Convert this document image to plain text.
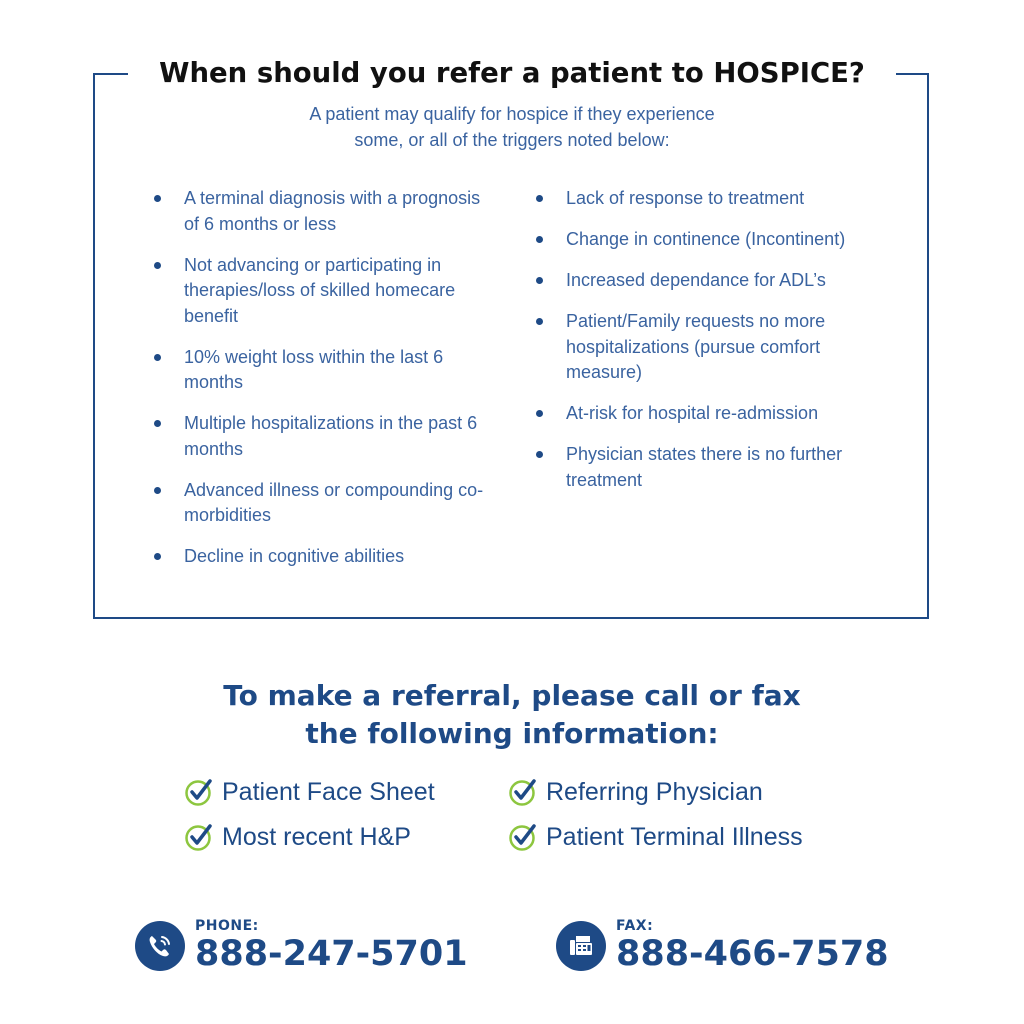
When should you refer a patient to HOSPICE?
A patient may qualify for hospice if they experience
some, or all of the triggers noted below:
A terminal diagnosis with a prognosis of 6 months or less
Not advancing or participating in therapies/loss of skilled homecare benefit
10% weight loss within the last 6 months
Multiple hospitalizations in the past 6 months
Advanced illness or compounding co-morbidities
Decline in cognitive abilities
Lack of response to treatment
Change in continence (Incontinent)
Increased dependance for ADL’s
Patient/Family requests no more hospitalizations (pursue comfort measure)
At-risk for hospital re-admission
Physician states there is no further treatment
To make a referral, please call or fax
the following information:
Patient Face Sheet	Referring Physician
Most recent H&P	Patient Terminal Illness
PHONE:
888-247-5701
FAX:
888-466-7578
